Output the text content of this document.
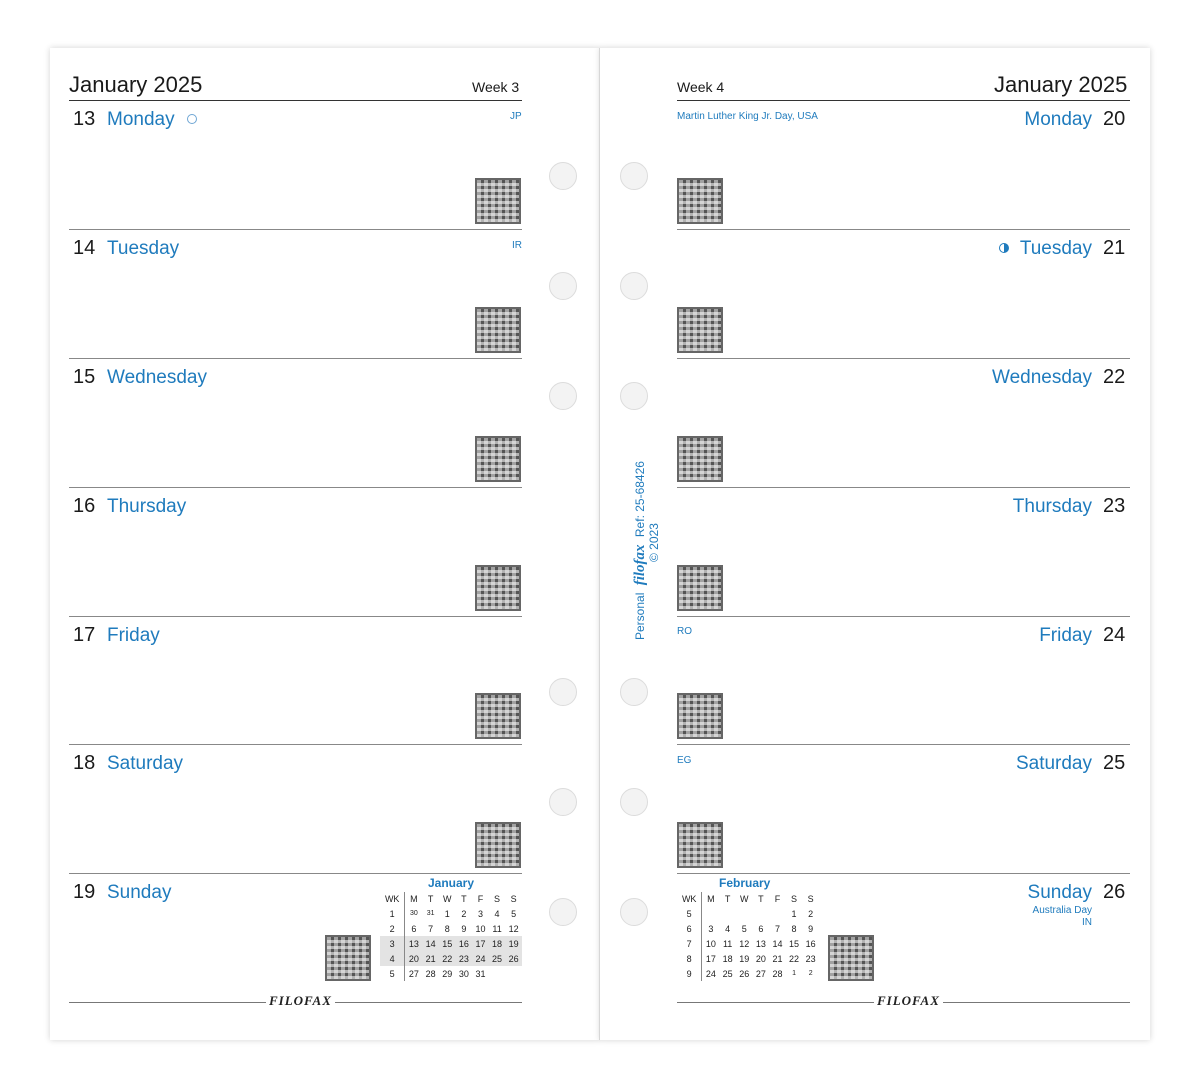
January 2025	Week 3	Week 4	January 2025
13 Monday	JP
14 Tuesday	IR
15 Wednesday
16 Thursday
17 Friday
18 Saturday
19 Sunday	January
WK	M	T	W	T	F	S	S
1	30	31	1	2	3	4	5
2	6	7	8	9	10	11	12
3	13	14	15	16	17	18	19
4	20	21	22	23	24	25	26
5	27	28	29	30	31		
FILOFAX
Martin Luther King Jr. Day, USA	Monday 20
Tuesday 21
Wednesday 22
Thursday 23
RO	Friday 24
EG	Saturday 25
Sunday 26
Australia Day
IN
February
WK	M	T	W	T	F	S	S
5						1	2
6	3	4	5	6	7	8	9
7	10	11	12	13	14	15	16
8	17	18	19	20	21	22	23
9	24	25	26	27	28	1	2
FILOFAX
Personal filofax Ref: 25-68426
© 2023
